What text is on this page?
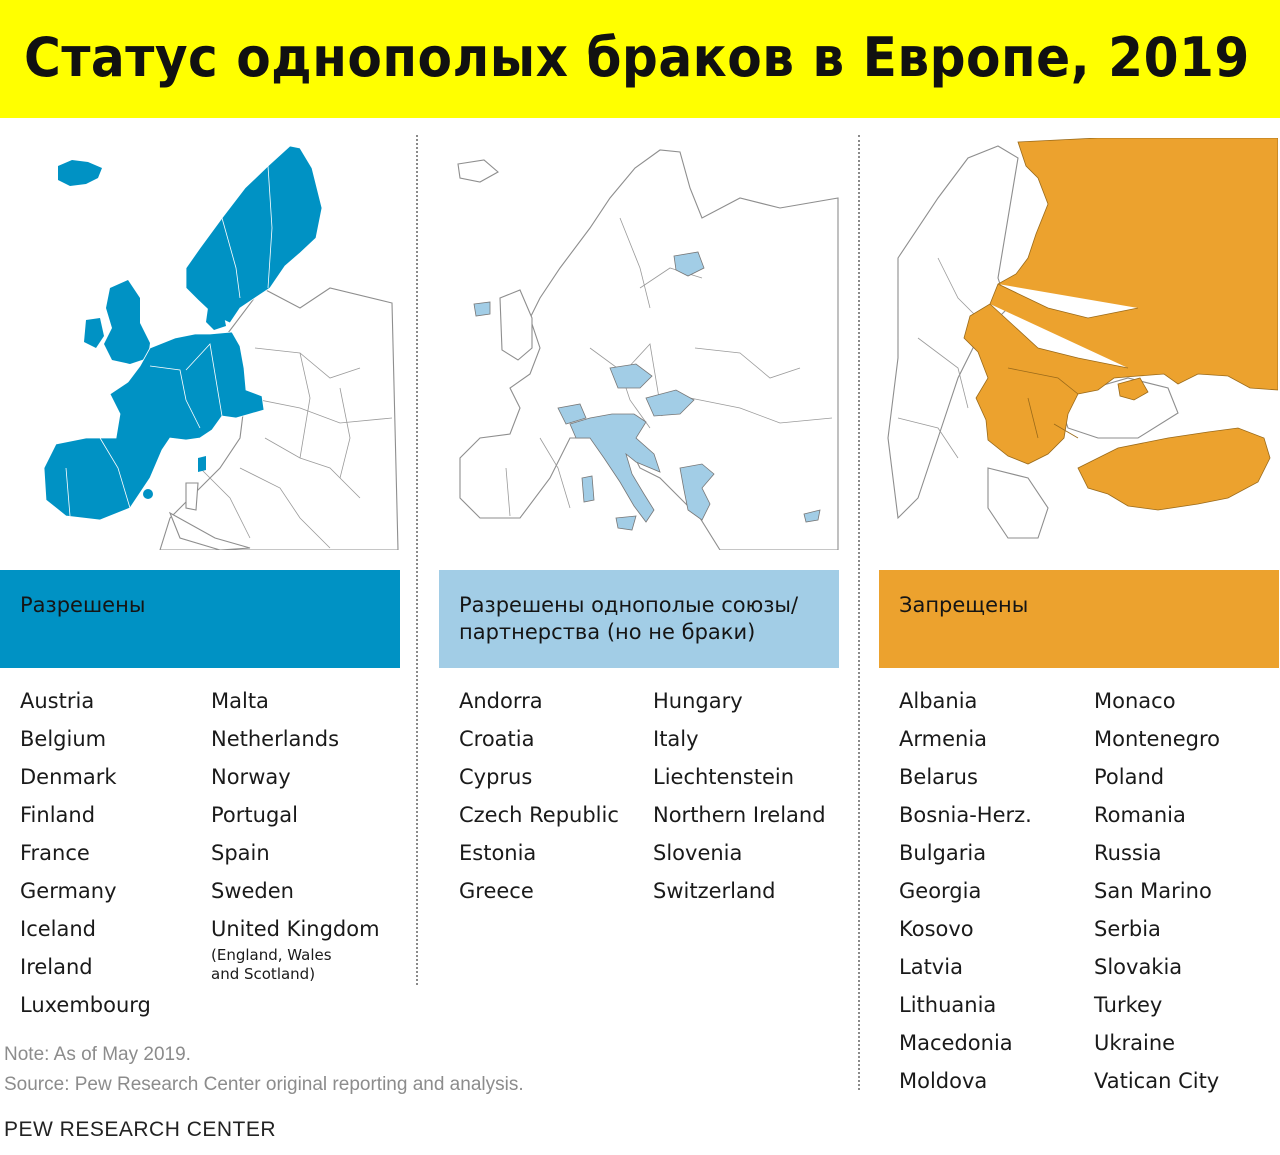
Статус однополых браков в Европе, 2019
Разрешены	Разрешены однополые союзы/
партнерства (но не браки)
Запрещены
Austria
Belgium
Denmark
Finland
France
Germany
Iceland
Ireland
Luxembourg
Malta
Netherlands
Norway
Portugal
Spain
Sweden
United Kingdom
(England, Wales
and Scotland)
Andorra
Croatia
Cyprus
Czech Republic
Estonia
Greece
Hungary
Italy
Liechtenstein
Northern Ireland
Slovenia
Switzerland
Albania
Armenia
Belarus
Bosnia-Herz.
Bulgaria
Georgia
Kosovo
Latvia
Lithuania
Macedonia
Moldova
Monaco
Montenegro
Poland
Romania
Russia
San Marino
Serbia
Slovakia
Turkey
Ukraine
Vatican City
Note: As of May 2019.
Source: Pew Research Center original reporting and analysis.
PEW RESEARCH CENTER
